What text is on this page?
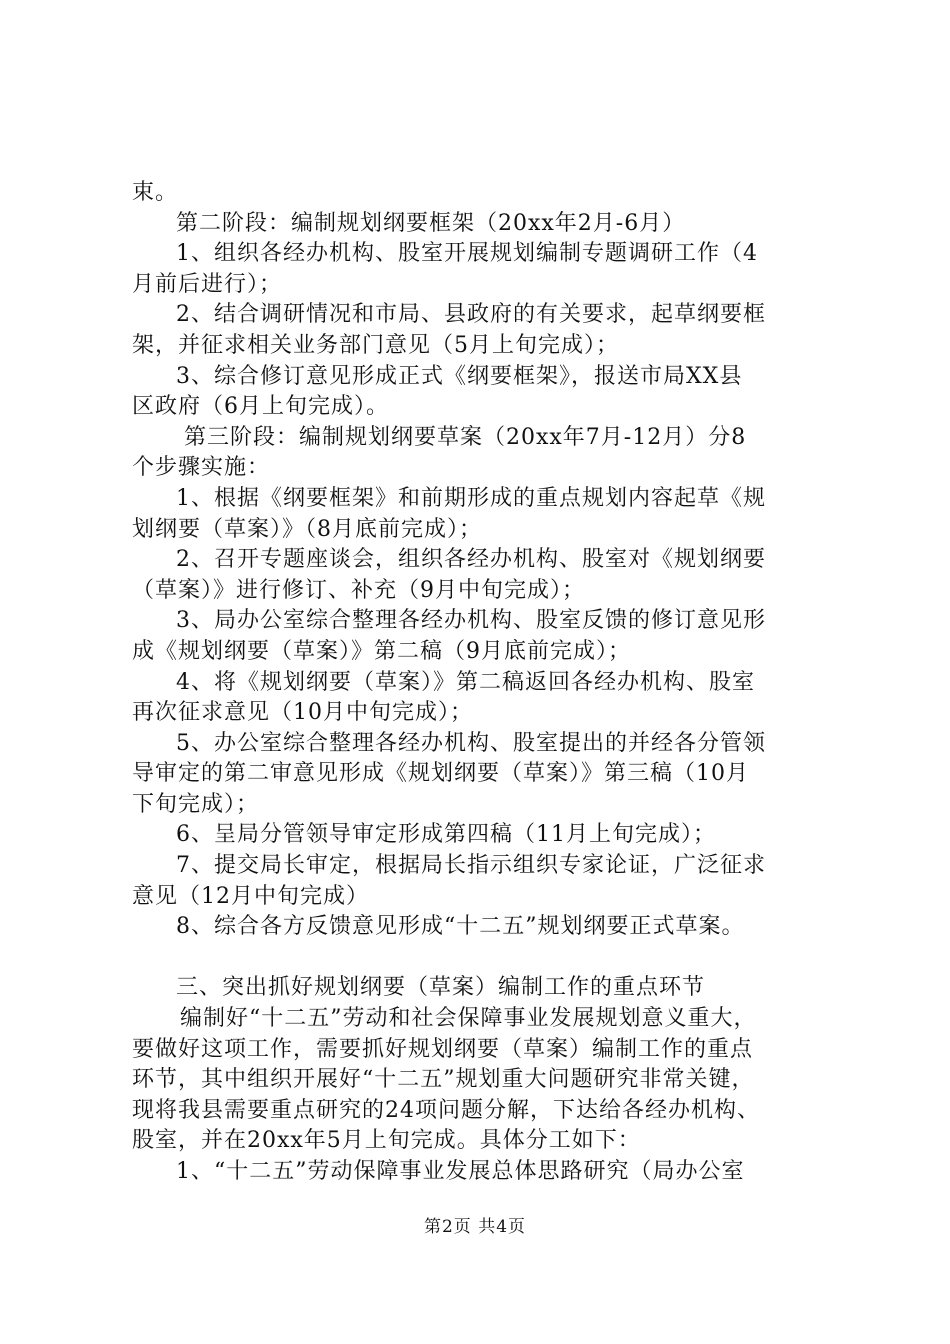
束。
第二阶段：编制规划纲要框架（20xx年2月-6月）
1、组织各经办机构、股室开展规划编制专题调研工作（4
月前后进行）；
2、结合调研情况和市局、县政府的有关要求，起草纲要框
架，并征求相关业务部门意见（5月上旬完成）；
3、综合修订意见形成正式《纲要框架》，报送市局XX县
区政府（6月上旬完成）。
第三阶段：编制规划纲要草案（20xx年7月-12月）分8
个步骤实施：
1、根据《纲要框架》和前期形成的重点规划内容起草《规
划纲要（草案）》（8月底前完成）；
2、召开专题座谈会，组织各经办机构、股室对《规划纲要
（草案）》进行修订、补充（9月中旬完成）；
3、局办公室综合整理各经办机构、股室反馈的修订意见形
成《规划纲要（草案）》第二稿（9月底前完成）；
4、将《规划纲要（草案）》第二稿返回各经办机构、股室
再次征求意见（10月中旬完成）；
5、办公室综合整理各经办机构、股室提出的并经各分管领
导审定的第二审意见形成《规划纲要（草案）》第三稿（10月
下旬完成）；
6、呈局分管领导审定形成第四稿（11月上旬完成）；
7、提交局长审定，根据局长指示组织专家论证，广泛征求
意见（12月中旬完成）
8、综合各方反馈意见形成“十二五”规划纲要正式草案。
三、突出抓好规划纲要（草案）编制工作的重点环节
编制好“十二五”劳动和社会保障事业发展规划意义重大，
要做好这项工作，需要抓好规划纲要（草案）编制工作的重点
环节，其中组织开展好“十二五”规划重大问题研究非常关键，
现将我县需要重点研究的24项问题分解，下达给各经办机构、
股室，并在20xx年5月上旬完成。具体分工如下：
1、“十二五”劳动保障事业发展总体思路研究（局办公室
第2页 共4页
